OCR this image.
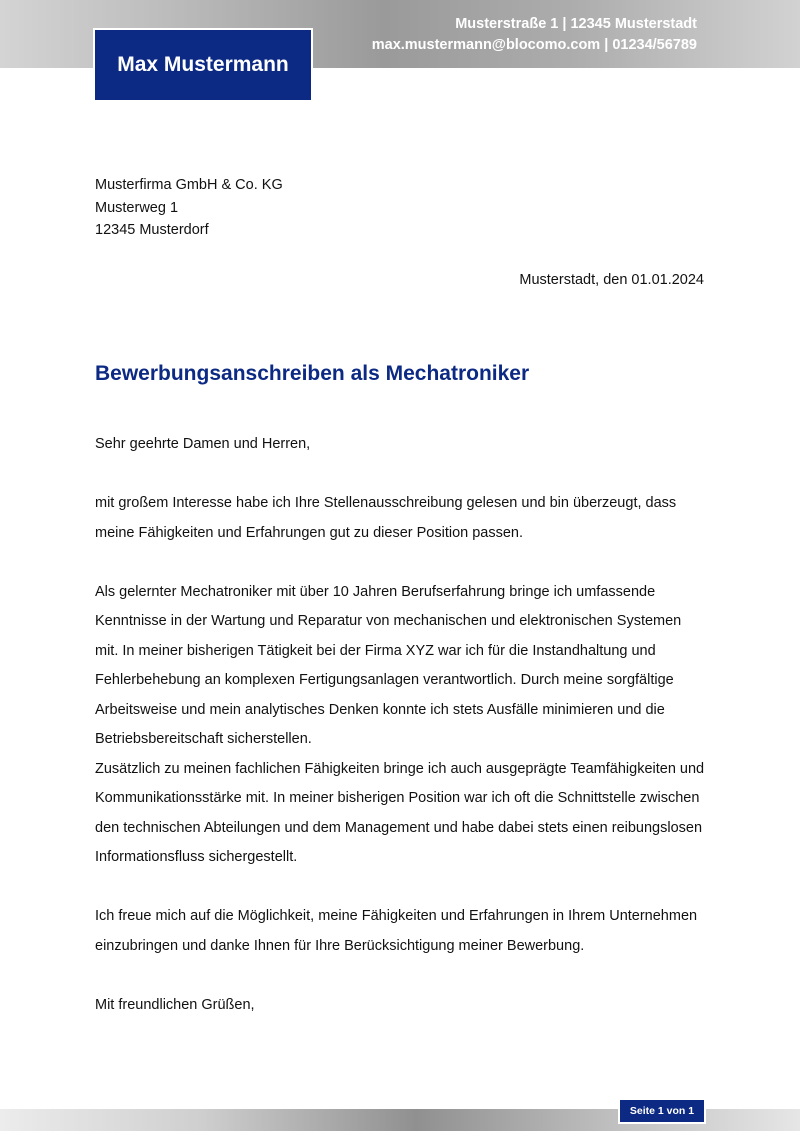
Musterstraße 1 | 12345 Musterstadt
max.mustermann@blocomo.com | 01234/56789
Max Mustermann
Musterfirma GmbH & Co. KG
Musterweg 1
12345 Musterdorf
Musterstadt, den 01.01.2024
Bewerbungsanschreiben als Mechatroniker

Sehr geehrte Damen und Herren,

mit großem Interesse habe ich Ihre Stellenausschreibung gelesen und bin überzeugt, dass meine Fähigkeiten und Erfahrungen gut zu dieser Position passen.

Als gelernter Mechatroniker mit über 10 Jahren Berufserfahrung bringe ich umfassende Kenntnisse in der Wartung und Reparatur von mechanischen und elektronischen Systemen mit. In meiner bisherigen Tätigkeit bei der Firma XYZ war ich für die Instandhaltung und Fehlerbehebung an komplexen Fertigungsanlagen verantwortlich. Durch meine sorgfältige Arbeitsweise und mein analytisches Denken konnte ich stets Ausfälle minimieren und die Betriebsbereitschaft sicherstellen.

Zusätzlich zu meinen fachlichen Fähigkeiten bringe ich auch ausgeprägte Teamfähigkeiten und Kommunikationsstärke mit. In meiner bisherigen Position war ich oft die Schnittstelle zwischen den technischen Abteilungen und dem Management und habe dabei stets einen reibungslosen Informationsfluss sichergestellt.

Ich freue mich auf die Möglichkeit, meine Fähigkeiten und Erfahrungen in Ihrem Unternehmen einzubringen und danke Ihnen für Ihre Berücksichtigung meiner Bewerbung.

Mit freundlichen Grüßen,

Seite 1 von 1
